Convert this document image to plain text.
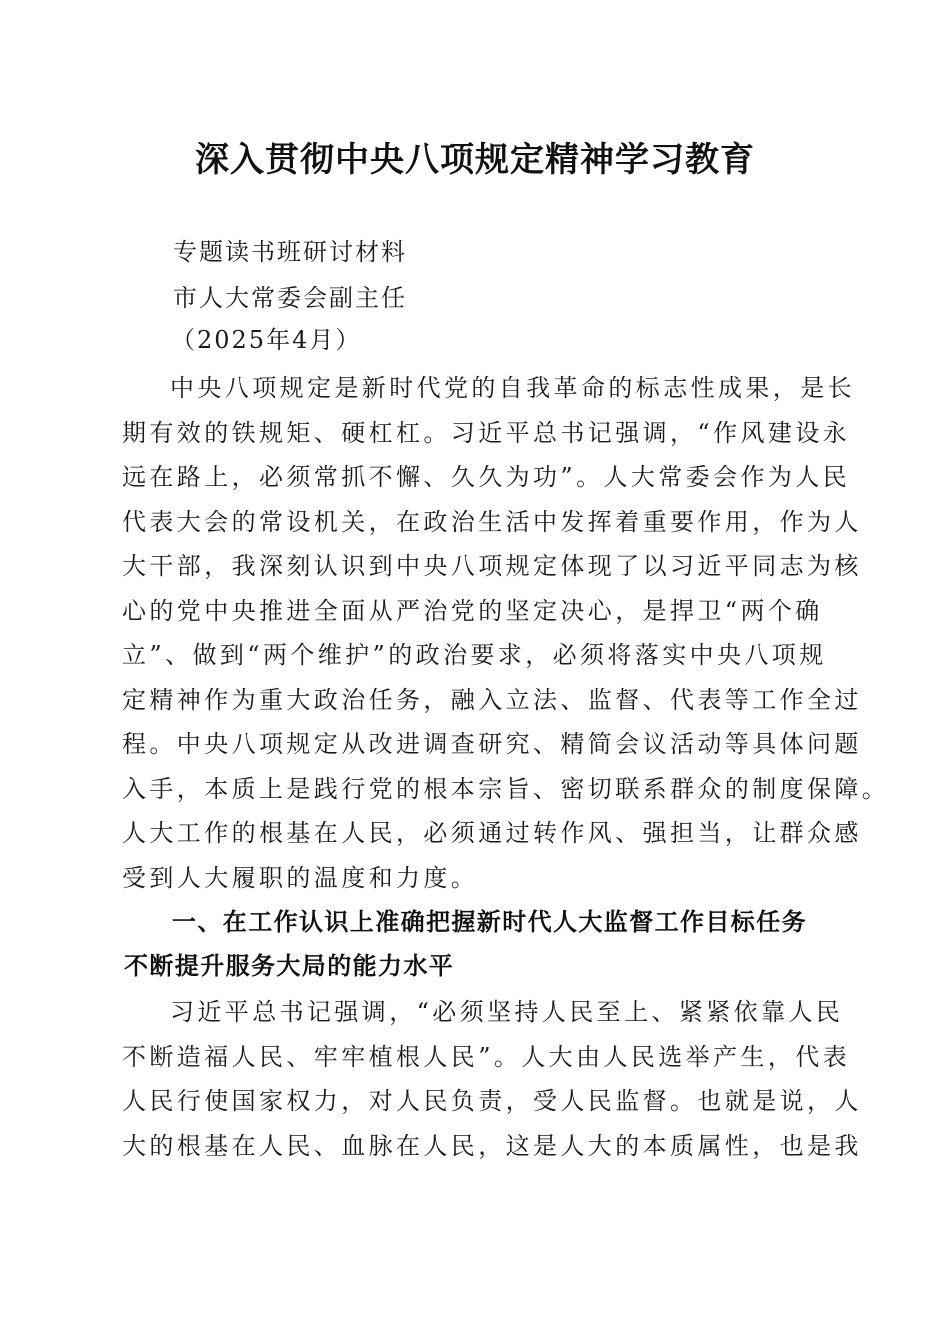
深入贯彻中央八项规定精神学习教育
专题读书班研讨材料
市人大常委会副主任
（2025年4月）
中央八项规定是新时代党的自我革命的标志性成果，是长
期有效的铁规矩、硬杠杠。习近平总书记强调，“作风建设永
远在路上，必须常抓不懈、久久为功”。人大常委会作为人民
代表大会的常设机关，在政治生活中发挥着重要作用，作为人
大干部，我深刻认识到中央八项规定体现了以习近平同志为核
心的党中央推进全面从严治党的坚定决心，是捍卫“两个确
立”、做到“两个维护”的政治要求，必须将落实中央八项规
定精神作为重大政治任务，融入立法、监督、代表等工作全过
程。中央八项规定从改进调查研究、精简会议活动等具体问题
入手，本质上是践行党的根本宗旨、密切联系群众的制度保障。
人大工作的根基在人民，必须通过转作风、强担当，让群众感
受到人大履职的温度和力度。
一、在工作认识上准确把握新时代人大监督工作目标任务
不断提升服务大局的能力水平
习近平总书记强调，“必须坚持人民至上、紧紧依靠人民
不断造福人民、牢牢植根人民”。人大由人民选举产生，代表
人民行使国家权力，对人民负责，受人民监督。也就是说，人
大的根基在人民、血脉在人民，这是人大的本质属性，也是我
